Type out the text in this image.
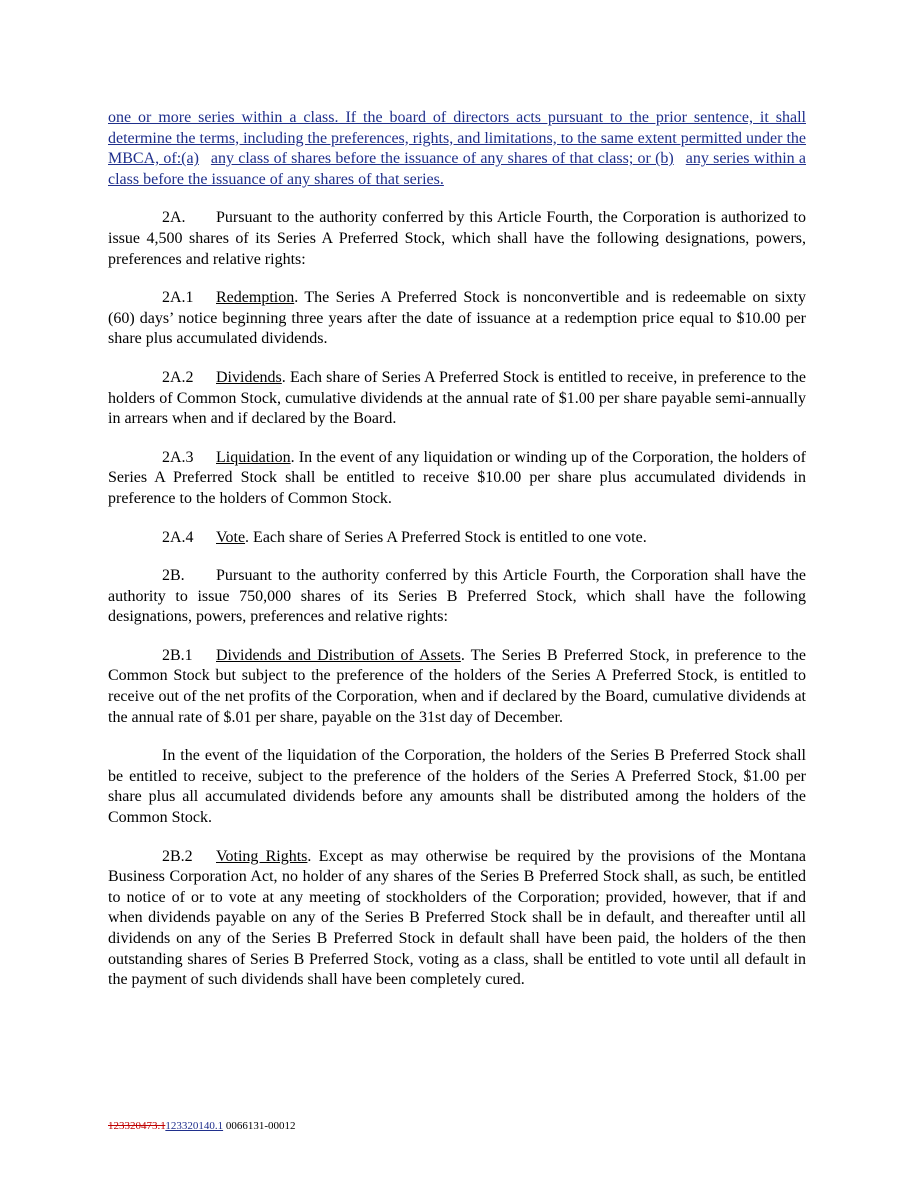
one or more series within a class. If the board of directors acts pursuant to the prior sentence, it shall determine the terms, including the preferences, rights, and limitations, to the same extent permitted under the MBCA, of:(a) any class of shares before the issuance of any shares of that class; or (b) any series within a class before the issuance of any shares of that series.

2A. Pursuant to the authority conferred by this Article Fourth, the Corporation is authorized to issue 4,500 shares of its Series A Preferred Stock, which shall have the following designations, powers, preferences and relative rights:

2A.1 Redemption. The Series A Preferred Stock is nonconvertible and is redeemable on sixty (60) days’ notice beginning three years after the date of issuance at a redemption price equal to $10.00 per share plus accumulated dividends.

2A.2 Dividends. Each share of Series A Preferred Stock is entitled to receive, in preference to the holders of Common Stock, cumulative dividends at the annual rate of $1.00 per share payable semi-annually in arrears when and if declared by the Board.

2A.3 Liquidation. In the event of any liquidation or winding up of the Corporation, the holders of Series A Preferred Stock shall be entitled to receive $10.00 per share plus accumulated dividends in preference to the holders of Common Stock.

2A.4 Vote. Each share of Series A Preferred Stock is entitled to one vote.

2B. Pursuant to the authority conferred by this Article Fourth, the Corporation shall have the authority to issue 750,000 shares of its Series B Preferred Stock, which shall have the following designations, powers, preferences and relative rights:

2B.1 Dividends and Distribution of Assets. The Series B Preferred Stock, in preference to the Common Stock but subject to the preference of the holders of the Series A Preferred Stock, is entitled to receive out of the net profits of the Corporation, when and if declared by the Board, cumulative dividends at the annual rate of $.01 per share, payable on the 31st day of December.

In the event of the liquidation of the Corporation, the holders of the Series B Preferred Stock shall be entitled to receive, subject to the preference of the holders of the Series A Preferred Stock, $1.00 per share plus all accumulated dividends before any amounts shall be distributed among the holders of the Common Stock.

2B.2 Voting Rights. Except as may otherwise be required by the provisions of the Montana Business Corporation Act, no holder of any shares of the Series B Preferred Stock shall, as such, be entitled to notice of or to vote at any meeting of stockholders of the Corporation; provided, however, that if and when dividends payable on any of the Series B Preferred Stock shall be in default, and thereafter until all dividends on any of the Series B Preferred Stock in default shall have been paid, the holders of the then outstanding shares of Series B Preferred Stock, voting as a class, shall be entitled to vote until all default in the payment of such dividends shall have been completely cured.

123320473.1123320140.1 0066131-00012
